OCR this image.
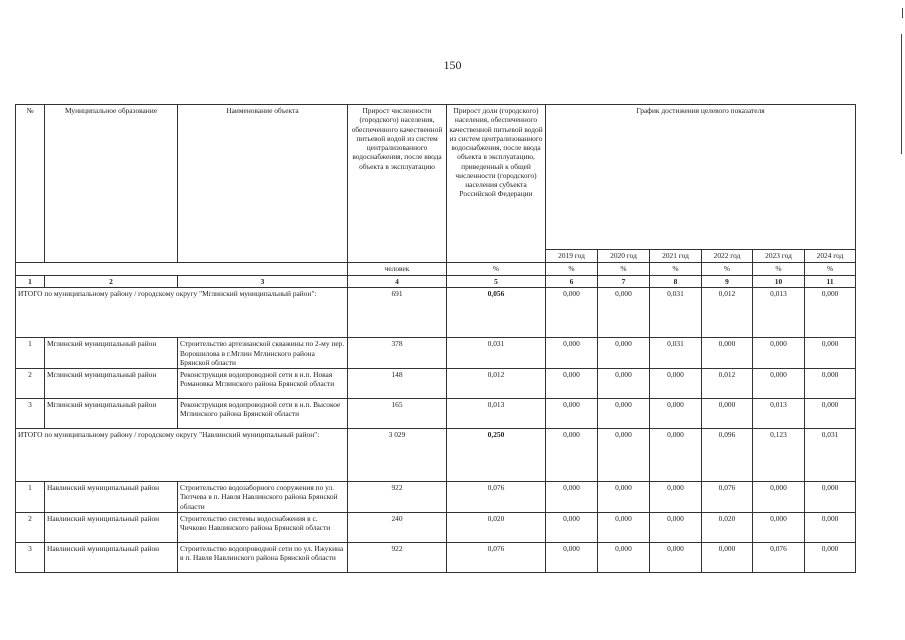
150
№	Муниципальное образование	Наименование объекта	Прирост численности (городского) населения, обеспеченного качественной питьевой водой из систем централизованного водоснабжения, после ввода объекта в эксплуатацию	Прирост доли (городского) населения, обеспеченного качественной питьевой водой из систем централизованного водоснабжения, после ввода объекта в эксплуатацию, приведенный к общей численности (городского) населения субъекта Российской Федерации	График достижения целевого показателя					
					2019 год	2020 год	2021 год	2022 год	2023 год	2024 год
			человек	%	%	%	%	%	%	%
1	2	3	4	5	6	7	8	9	10	11
ИТОГО по муниципальному району / городскому округу "Мглинский муниципальный район":			691	0,056	0,000	0,000	0,031	0,012	0,013	0,000
1	Мглинский муниципальный район	Строительство артезианской скважины по 2-му пер. Ворошилова в г.Мглин Мглинского района Брянской области	378	0,031	0,000	0,000	0,031	0,000	0,000	0,000
2	Мглинский муниципальный район	Реконструкция водопроводной сети в н.п. Новая Романовка Мглинского района Брянской области	148	0,012	0,000	0,000	0,000	0,012	0,000	0,000
3	Мглинский муниципальный район	Реконструкция водопроводной сети в н.п. Высокое Мглинского района Брянской области	165	0,013	0,000	0,000	0,000	0,000	0,013	0,000
ИТОГО по муниципальному району / городскому округу "Навлинский муниципальный район":			3 029	0,250	0,000	0,000	0,000	0,096	0,123	0,031
1	Навлинский муниципальный район	Строительство водозаборного сооружения по ул. Тютчева в п. Навля Навлинского района Брянской области	922	0,076	0,000	0,000	0,000	0,076	0,000	0,000
2	Навлинский муниципальный район	Строительство системы водоснабжения в с. Чичково Навлинского района Брянской области	240	0,020	0,000	0,000	0,000	0,020	0,000	0,000
3	Навлинский муниципальный район	Строительство водопроводной сети по ул. Ижукина в п. Навля Навлинского района Брянской области	922	0,076	0,000	0,000	0,000	0,000	0,076	0,000
